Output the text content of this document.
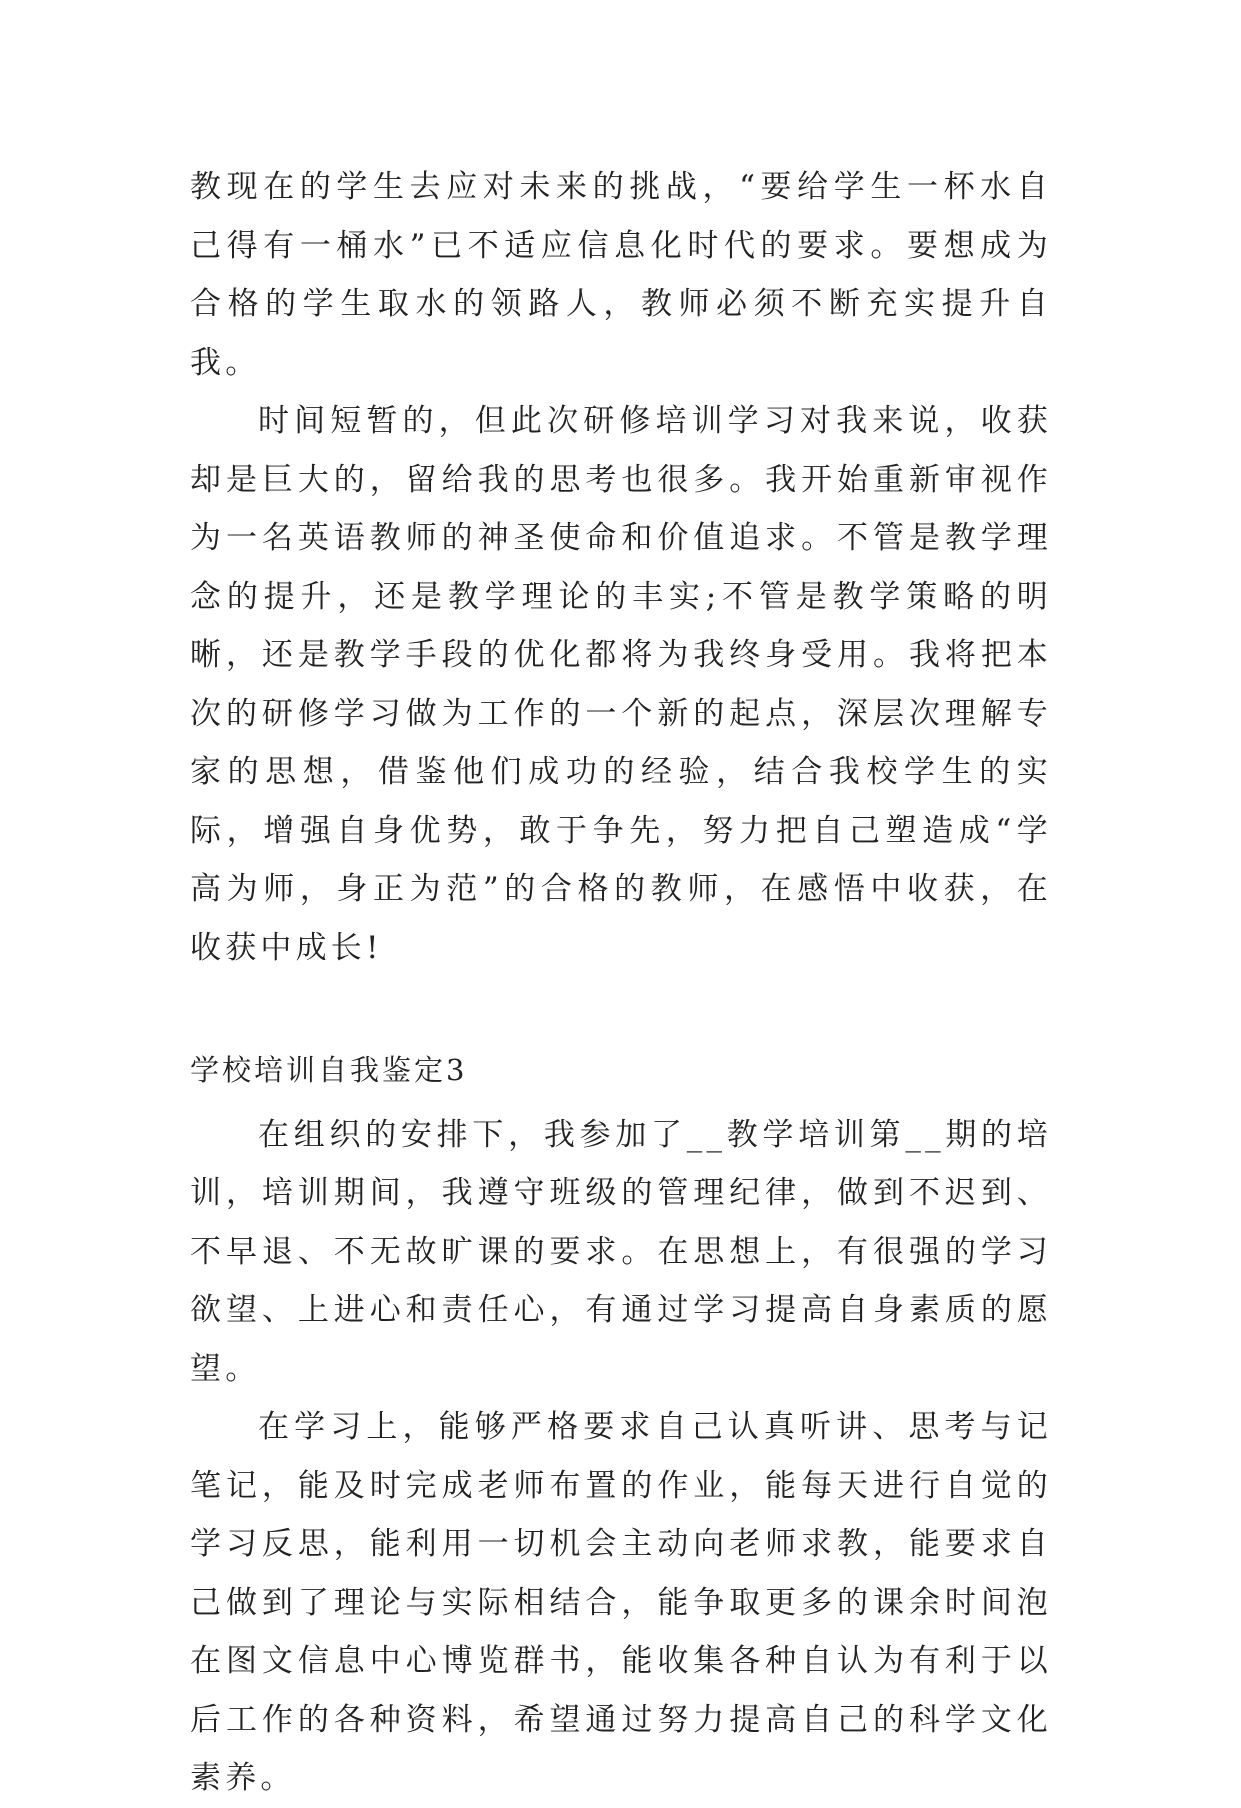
教现在的学生去应对未来的挑战，“要给学生一杯水自己得有一桶水”已不适应信息化时代的要求。要想成为合格的学生取水的领路人，教师必须不断充实提升自我。

时间短暂的，但此次研修培训学习对我来说，收获却是巨大的，留给我的思考也很多。我开始重新审视作为一名英语教师的神圣使命和价值追求。不管是教学理念的提升，还是教学理论的丰实;不管是教学策略的明晰，还是教学手段的优化都将为我终身受用。我将把本次的研修学习做为工作的一个新的起点，深层次理解专家的思想，借鉴他们成功的经验，结合我校学生的实际，增强自身优势，敢于争先，努力把自己塑造成“学高为师，身正为范”的合格的教师，在感悟中收获，在收获中成长!

学校培训自我鉴定3

在组织的安排下，我参加了__教学培训第__期的培训，培训期间，我遵守班级的管理纪律，做到不迟到、不早退、不无故旷课的要求。在思想上，有很强的学习欲望、上进心和责任心，有通过学习提高自身素质的愿望。

在学习上，能够严格要求自己认真听讲、思考与记笔记，能及时完成老师布置的作业，能每天进行自觉的学习反思，能利用一切机会主动向老师求教，能要求自己做到了理论与实际相结合，能争取更多的课余时间泡在图文信息中心博览群书，能收集各种自认为有利于以后工作的各种资料，希望通过努力提高自己的科学文化素养。
